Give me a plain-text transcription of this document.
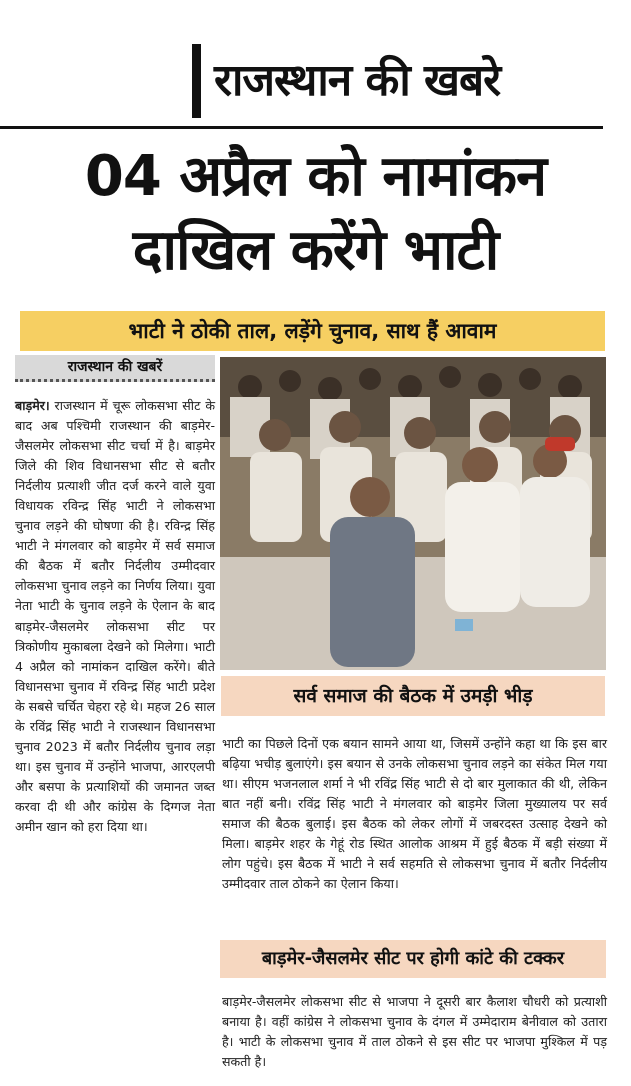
राजस्थान की खबरे
04 अप्रैल को नामांकन
दाखिल करेंगे भाटी
भाटी ने ठोकी ताल, लड़ेंगे चुनाव, साथ हैं आवाम
राजस्थान की खबरें
बाड़मेर। राजस्थान में चूरू लोकसभा सीट के बाद अब पश्चिमी राजस्थान की बाड़मेर-जैसलमेर लोकसभा सीट चर्चा में है। बाड़मेर जिले की शिव विधानसभा सीट से बतौर निर्दलीय प्रत्याशी जीत दर्ज करने वाले युवा विधायक रविन्द्र सिंह भाटी ने लोकसभा चुनाव लड़ने की घोषणा की है। रविन्द्र सिंह भाटी ने मंगलवार को बाड़मेर में सर्व समाज की बैठक में बतौर निर्दलीय उम्मीदवार लोकसभा चुनाव लड़ने का निर्णय लिया। युवा नेता भाटी के चुनाव लड़ने के ऐलान के बाद बाड़मेर-जैसलमेर लोकसभा सीट पर त्रिकोणीय मुकाबला देखने को मिलेगा। भाटी 4 अप्रैल को नामांकन दाखिल करेंगे। बीते विधानसभा चुनाव में रविन्द्र सिंह भाटी प्रदेश के सबसे चर्चित चेहरा रहे थे। महज 26 साल के रविंद्र सिंह भाटी ने राजस्थान विधानसभा चुनाव 2023 में बतौर निर्दलीय चुनाव लड़ा था। इस चुनाव में उन्होंने भाजपा, आरएलपी और बसपा के प्रत्याशियों की जमानत जब्त करवा दी थी और कांग्रेस के दिग्गज नेता अमीन खान को हरा दिया था।
सर्व समाज की बैठक में उमड़ी भीड़
भाटी का पिछले दिनों एक बयान सामने आया था, जिसमें उन्होंने कहा था कि इस बार बढ़िया भचीड़ बुलाएंगे। इस बयान से उनके लोकसभा चुनाव लड़ने का संकेत मिल गया था। सीएम भजनलाल शर्मा ने भी रविंद्र सिंह भाटी से दो बार मुलाकात की थी, लेकिन बात नहीं बनी। रविंद्र सिंह भाटी ने मंगलवार को बाड़मेर जिला मुख्यालय पर सर्व समाज की बैठक बुलाई। इस बैठक को लेकर लोगों में जबरदस्त उत्साह देखने को मिला। बाड़मेर शहर के गेहूं रोड स्थित आलोक आश्रम में हुई बैठक में बड़ी संख्या में लोग पहुंचे। इस बैठक में भाटी ने सर्व सहमति से लोकसभा चुनाव में बतौर निर्दलीय उम्मीदवार ताल ठोकने का ऐलान किया।
बाड़मेर-जैसलमेर सीट पर होगी कांटे की टक्कर
बाड़मेर-जैसलमेर लोकसभा सीट से भाजपा ने दूसरी बार कैलाश चौधरी को प्रत्याशी बनाया है। वहीं कांग्रेस ने लोकसभा चुनाव के दंगल में उम्मेदाराम बेनीवाल को उतारा है। भाटी के लोकसभा चुनाव में ताल ठोकने से इस सीट पर भाजपा मुश्किल में पड़ सकती है।
